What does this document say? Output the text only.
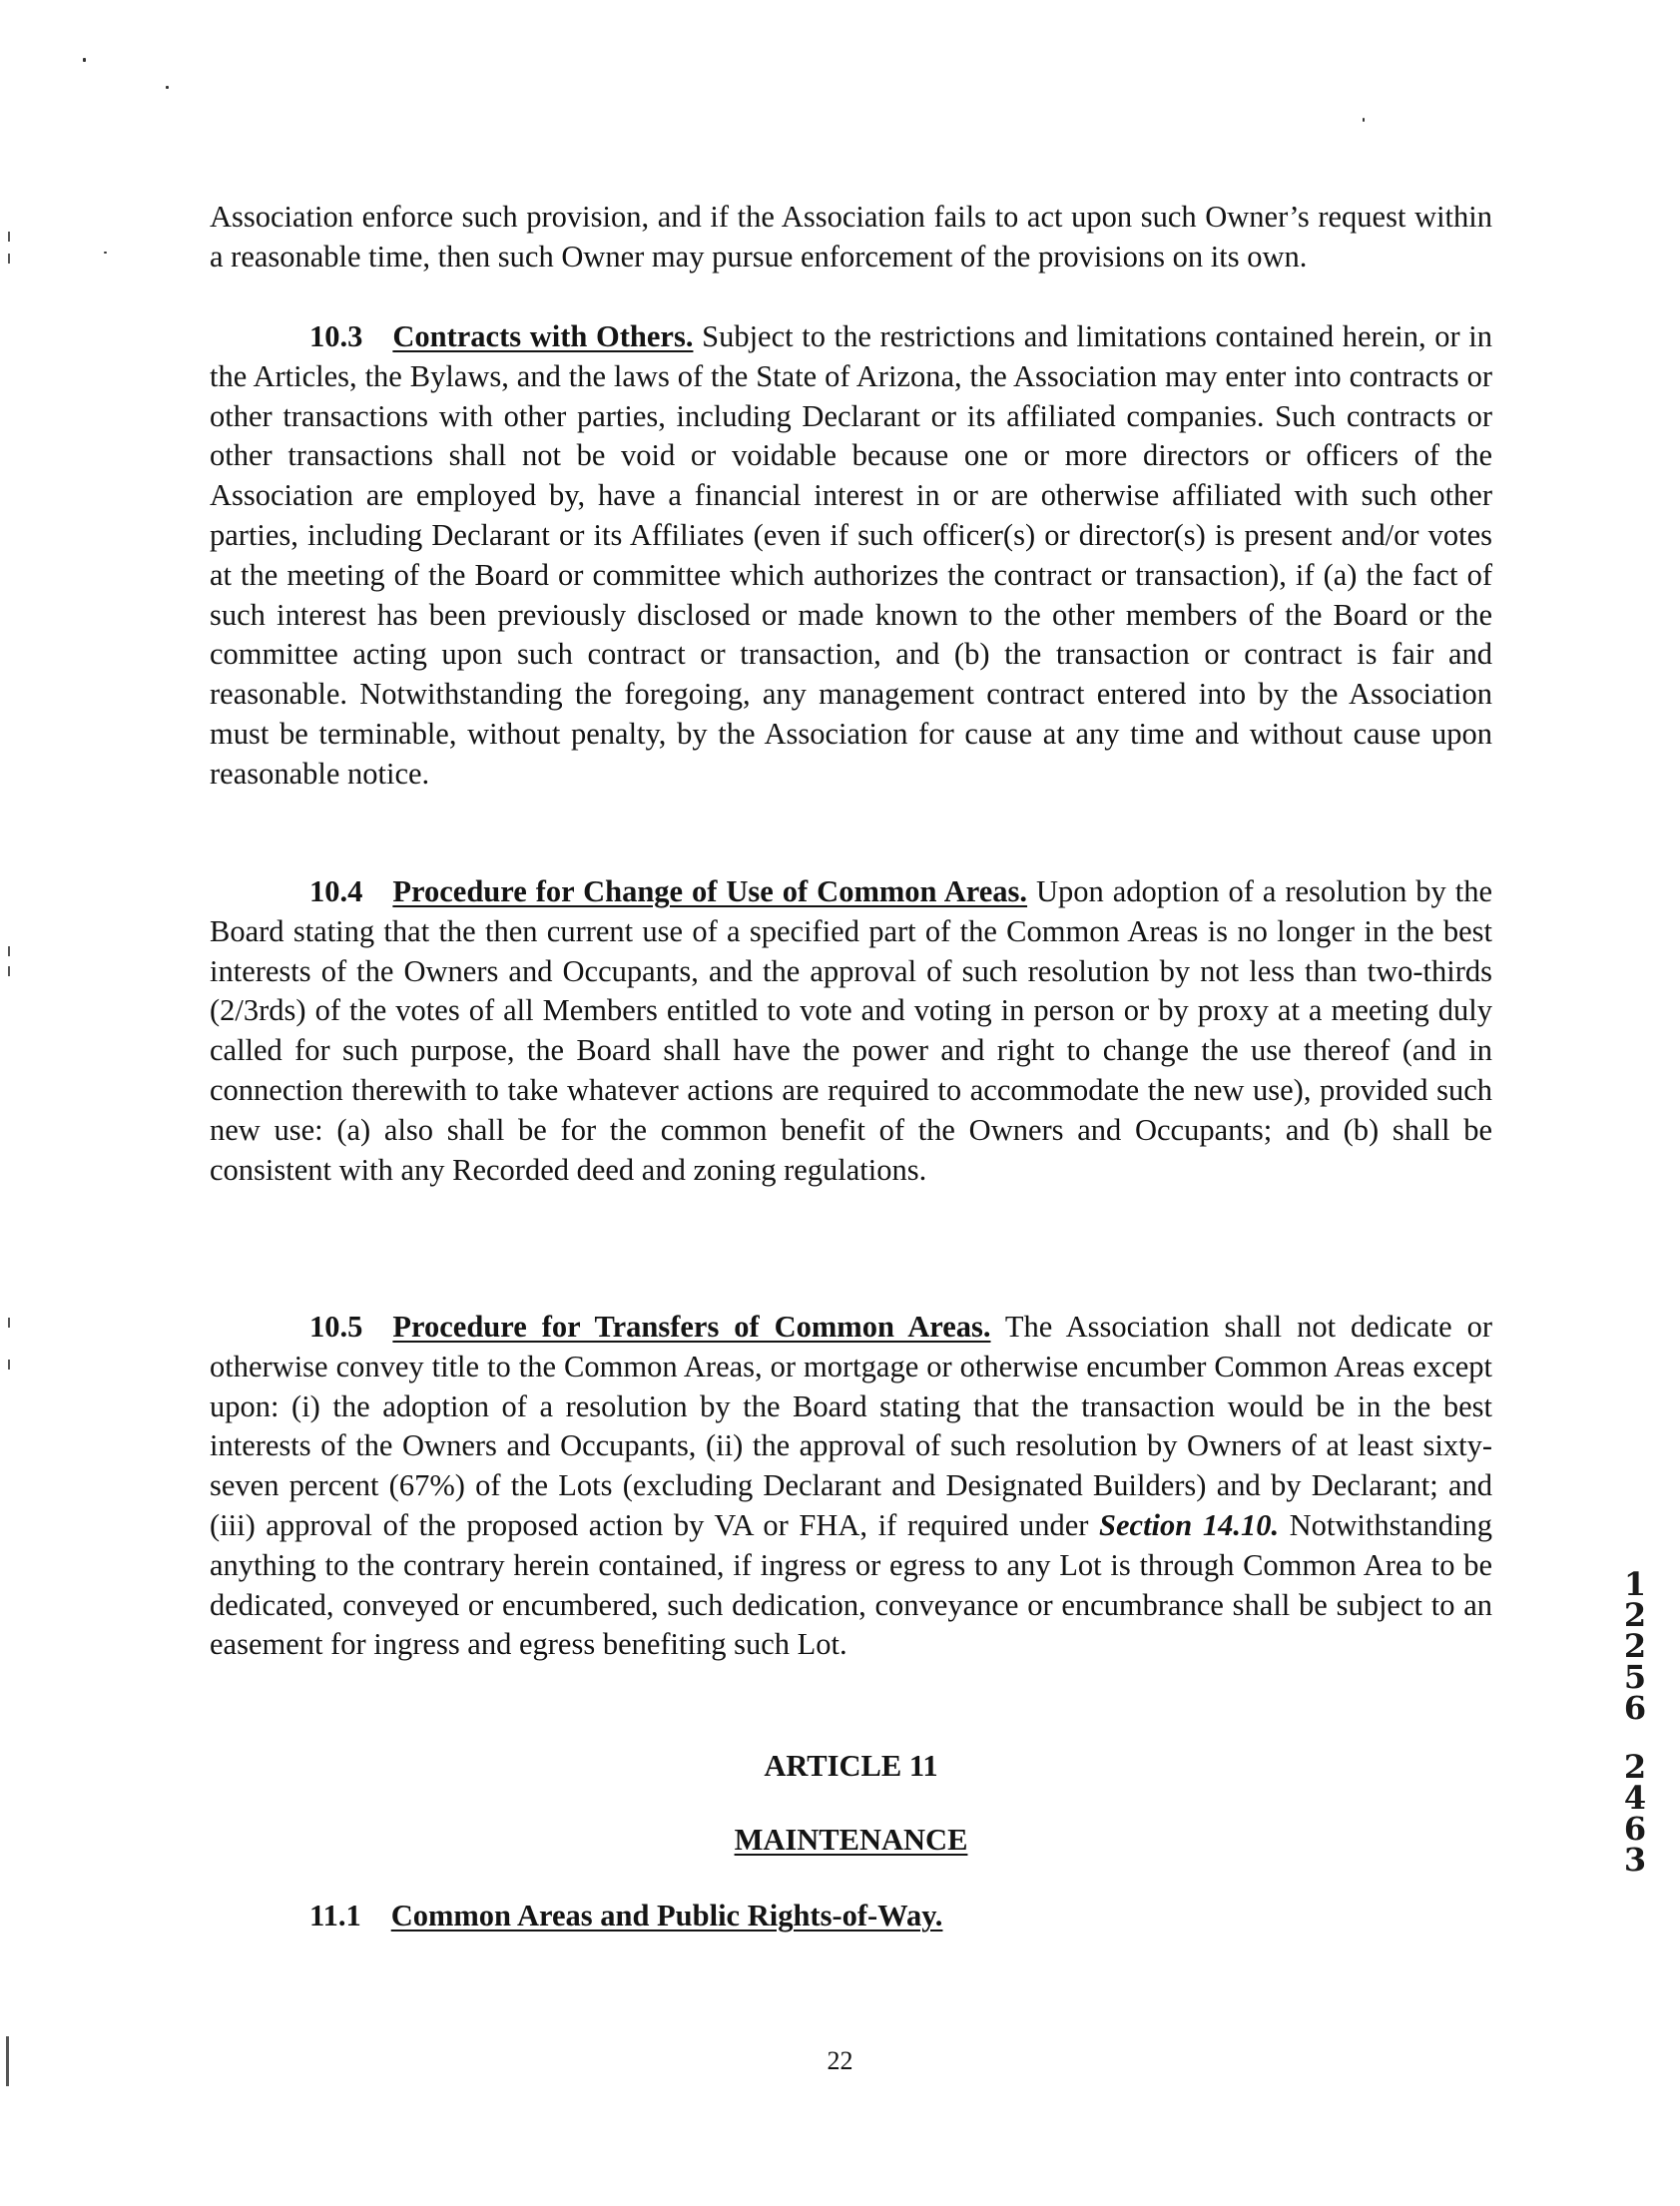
Association enforce such provision, and if the Association fails to act upon such Owner’s request within a reasonable time, then such Owner may pursue enforcement of the provisions on its own.

10.3 Contracts with Others. Subject to the restrictions and limitations contained herein, or in the Articles, the Bylaws, and the laws of the State of Arizona, the Association may enter into contracts or other transactions with other parties, including Declarant or its affiliated companies. Such contracts or other transactions shall not be void or voidable because one or more directors or officers of the Association are employed by, have a financial interest in or are otherwise affiliated with such other parties, including Declarant or its Affiliates (even if such officer(s) or director(s) is present and/or votes at the meeting of the Board or committee which authorizes the contract or transaction), if (a) the fact of such interest has been previously disclosed or made known to the other members of the Board or the committee acting upon such contract or transaction, and (b) the transaction or contract is fair and reasonable. Notwithstanding the foregoing, any management contract entered into by the Association must be terminable, without penalty, by the Association for cause at any time and without cause upon reasonable notice.

10.4 Procedure for Change of Use of Common Areas. Upon adoption of a resolution by the Board stating that the then current use of a specified part of the Common Areas is no longer in the best interests of the Owners and Occupants, and the approval of such resolution by not less than two-thirds (2/3rds) of the votes of all Members entitled to vote and voting in person or by proxy at a meeting duly called for such purpose, the Board shall have the power and right to change the use thereof (and in connection therewith to take whatever actions are required to accommodate the new use), provided such new use: (a) also shall be for the common benefit of the Owners and Occupants; and (b) shall be consistent with any Recorded deed and zoning regulations.

10.5 Procedure for Transfers of Common Areas. The Association shall not dedicate or otherwise convey title to the Common Areas, or mortgage or otherwise encumber Common Areas except upon: (i) the adoption of a resolution by the Board stating that the transaction would be in the best interests of the Owners and Occupants, (ii) the approval of such resolution by Owners of at least sixty-seven percent (67%) of the Lots (excluding Declarant and Designated Builders) and by Declarant; and (iii) approval of the proposed action by VA or FHA, if required under Section 14.10. Notwithstanding anything to the contrary herein contained, if ingress or egress to any Lot is through Common Area to be dedicated, conveyed or encumbered, such dedication, conveyance or encumbrance shall be subject to an easement for ingress and egress benefiting such Lot.

ARTICLE 11

MAINTENANCE

11.1 Common Areas and Public Rights-of-Way.

22

1
2
2
5
6
2
4
6
3
